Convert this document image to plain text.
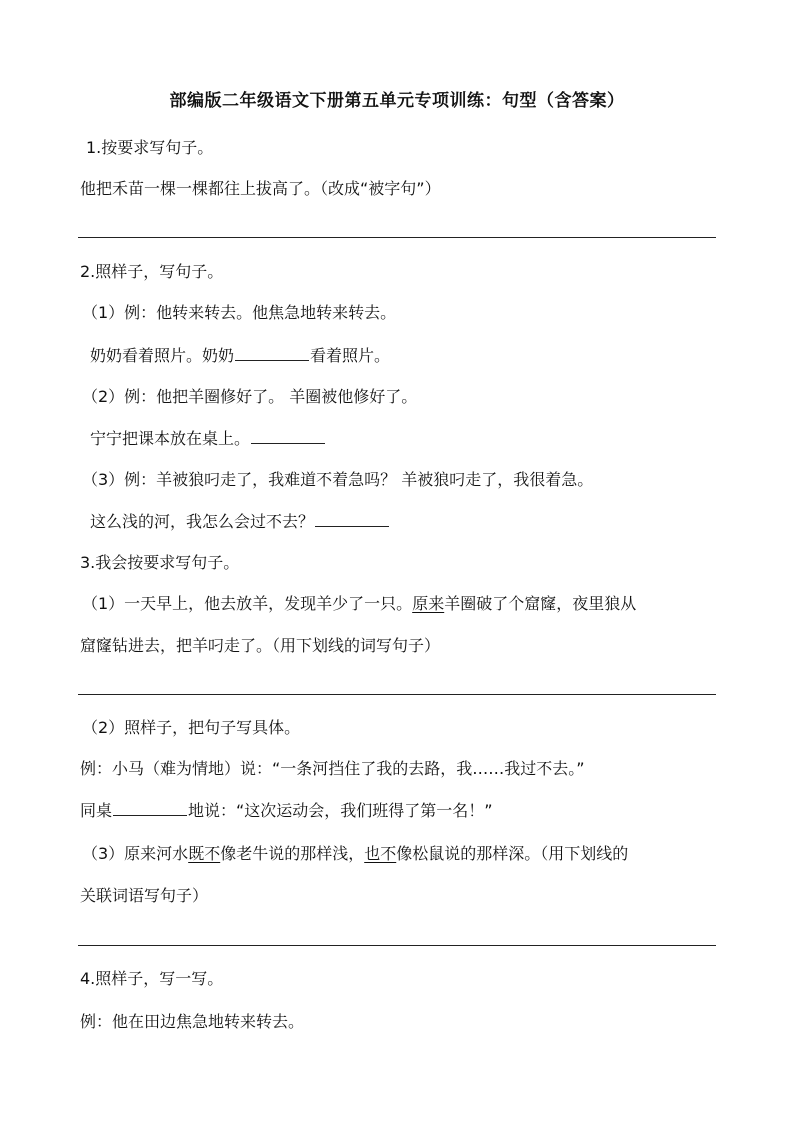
部编版二年级语文下册第五单元专项训练：句型（含答案）
1.按要求写句子。
他把禾苗一棵一棵都往上拔高了。（改成“被字句”）
2.照样子，写句子。
（1）例：他转来转去。他焦急地转来转去。
奶奶看着照片。奶奶	看着照片。
（2）例：他把羊圈修好了。 羊圈被他修好了。
宁宁把课本放在桌上。
（3）例：羊被狼叼走了，我难道不着急吗？ 羊被狼叼走了，我很着急。
这么浅的河，我怎么会过不去？
3.我会按要求写句子。
（1）一天早上，他去放羊，发现羊少了一只。原来羊圈破了个窟窿，夜里狼从
窟窿钻进去，把羊叼走了。（用下划线的词写句子）
（2）照样子，把句子写具体。
例：小马（难为情地）说：“一条河挡住了我的去路，我……我过不去。”
同桌	地说：“这次运动会，我们班得了第一名！”
（3）原来河水既不像老牛说的那样浅，也不像松鼠说的那样深。（用下划线的
关联词语写句子）
4.照样子，写一写。
例：他在田边焦急地转来转去。
